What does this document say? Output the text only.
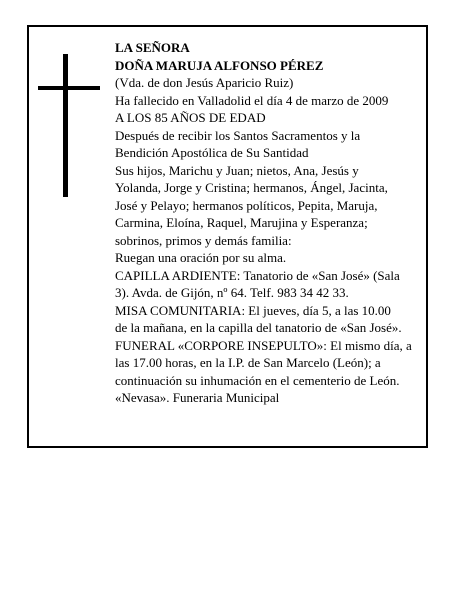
LA SEÑORA

DOÑA MARUJA ALFONSO PÉREZ

(Vda. de don Jesús Aparicio Ruiz)

Ha fallecido en Valladolid el día 4 de marzo de 2009

A LOS 85 AÑOS DE EDAD

Después de recibir los Santos Sacramentos y la

Bendición Apostólica de Su Santidad

Sus hijos, Marichu y Juan; nietos, Ana, Jesús y

Yolanda, Jorge y Cristina; hermanos, Ángel, Jacinta,

José y Pelayo; hermanos políticos, Pepita, Maruja,

Carmina, Eloína, Raquel, Marujina y Esperanza;

sobrinos, primos y demás familia:

Ruegan una oración por su alma.

CAPILLA ARDIENTE: Tanatorio de «San José» (Sala

3). Avda. de Gijón, nº 64. Telf. 983 34 42 33.

MISA COMUNITARIA: El jueves, día 5, a las 10.00

de la mañana, en la capilla del tanatorio de «San José».

FUNERAL «CORPORE INSEPULTO»: El mismo día, a

las 17.00 horas, en la I.P. de San Marcelo (León); a

continuación su inhumación en el cementerio de León.

«Nevasa». Funeraria Municipal
